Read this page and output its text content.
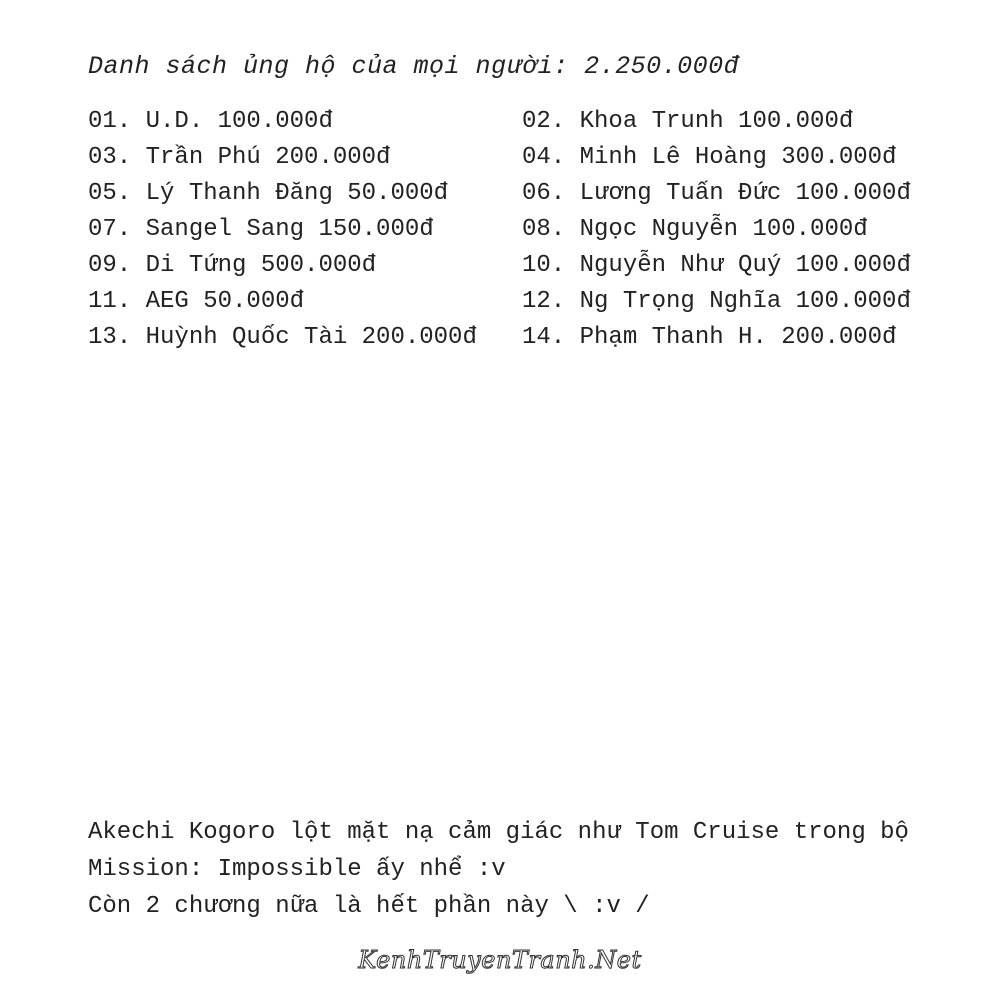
Danh sách ủng hộ của mọi người: 2.250.000đ
01. U.D. 100.000đ
03. Trần Phú 200.000đ
05. Lý Thanh Đăng 50.000đ
07. Sangel Sang 150.000đ
09. Di Tứng 500.000đ
11. AEG 50.000đ
13. Huỳnh Quốc Tài 200.000đ
02. Khoa Trunh 100.000đ
04. Minh Lê Hoàng 300.000đ
06. Lương Tuấn Đức 100.000đ
08. Ngọc Nguyễn 100.000đ
10. Nguyễn Như Quý 100.000đ
12. Ng Trọng Nghĩa 100.000đ
14. Phạm Thanh H. 200.000đ
Akechi Kogoro lột mặt nạ cảm giác như Tom Cruise trong bộ
Mission: Impossible ấy nhể :v
Còn 2 chương nữa là hết phần này \ :v /
KenhTruyenTranh.Net
